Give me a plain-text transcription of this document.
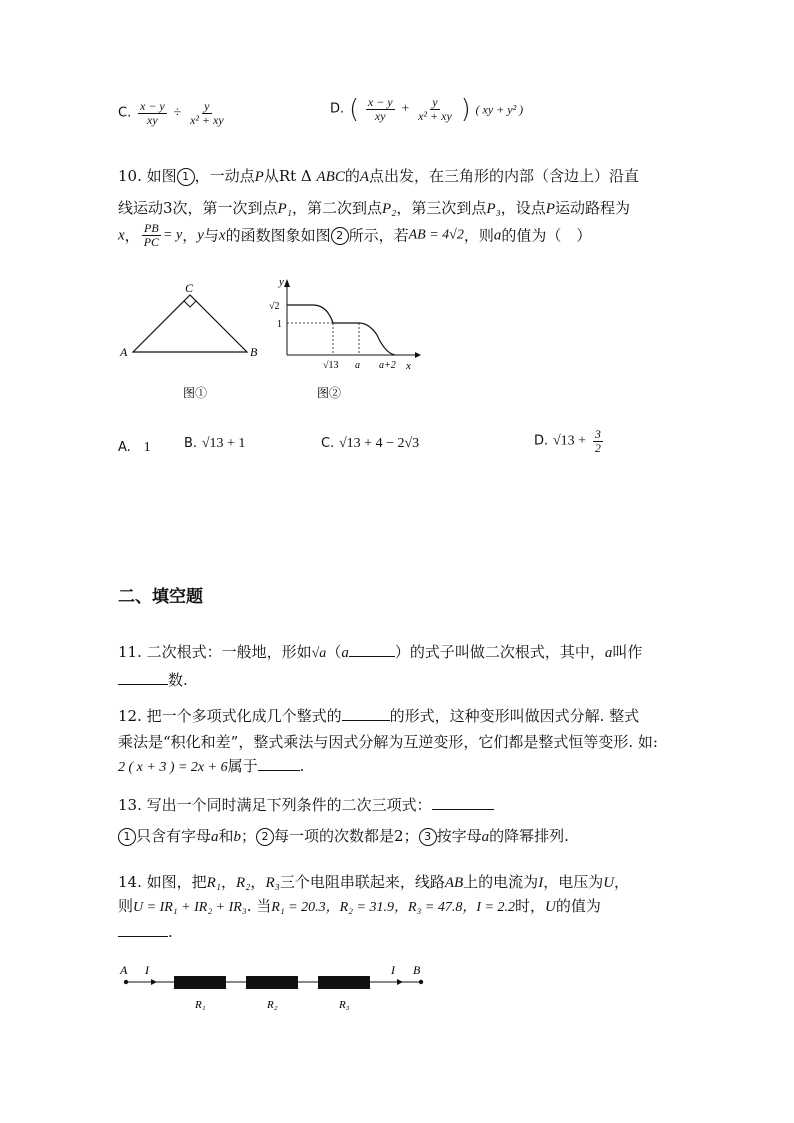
C. $\frac{x - y}{xy} \div \frac{y}{\text{x² + xy}}$	D. ( $\frac{x - y}{xy} + \frac{y}{\text{x² + xy}}$ ) ( xy + y² )
10. 如图 1 ，一动点P从Rt Δ ABC的A点出发，在三角形的内部（含边上）沿直
线运动3次，第一次到点P₁，第二次到点P₂，第三次到点P₃，设点P运动路程为
x， $\frac{PB}{PC} = y$，y与x的函数图象如图 2 所示，若AB = 4√2，则a的值为（　）
A	B
C
图①
y
x
√2
1
√13 a a+2
图②
A. 1	B. √13 + 1	C. √13 + 4 − 2√3	D. $√13 + \frac{3}{2}$
二、填空题
11. 二次根式：一般地，形如√a（a	）的式子叫做二次根式，其中，a叫作
数.
12. 把一个多项式化成几个整式的	的形式，这种变形叫做因式分解. 整式
乘法是“积化和差”，整式乘法与因式分解为互逆变形，它们都是整式恒等变形. 如:
2 ( x + 3 ) = 2x + 6属于	.
13. 写出一个同时满足下列条件的二次三项式：
1 只含有字母a和b； 2 每一项的次数都是2； 3 按字母a的降幂排列.
14. 如图，把R₁，R₂，R₃三个电阻串联起来，线路AB上的电流为I，电压为U，
则U = IR₁ + IR₂ + IR₃. 当R₁ = 20.3，R₂ = 31.9，R₃ = 47.8，I = 2.2时，U的值为
.
A I	I B
R₁	R₂	R₃
